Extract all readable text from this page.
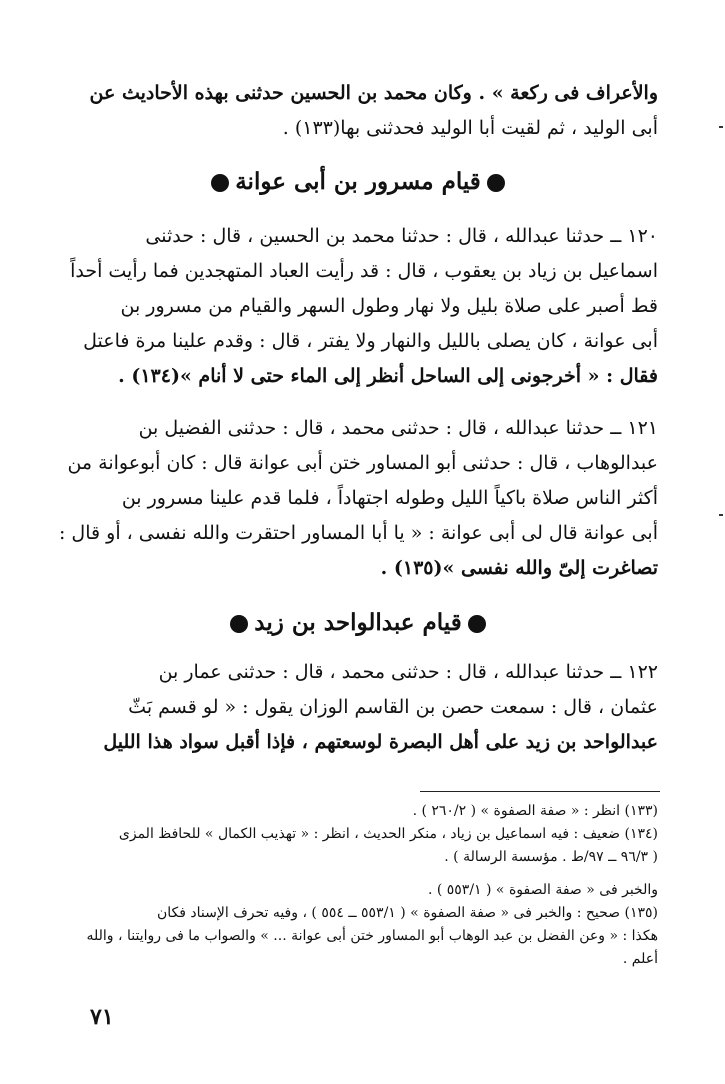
والأعراف فى ركعة » . وكان محمد بن الحسين حدثنى بهذه الأحاديث عن
أبى الوليد ، ثم لقيت أبا الوليد فحدثنى بها(١٣٣) .
قيام مسرور بن أبى عوانة
١٢٠ ــ حدثنا عبدالله ، قال : حدثنا محمد بن الحسين ، قال : حدثنى
اسماعيل بن زياد بن يعقوب ، قال : قد رأيت العباد المتهجدين فما رأيت أحداً
قط أصبر على صلاة بليل ولا نهار وطول السهر والقيام من مسرور بن
أبى عوانة ، كان يصلى بالليل والنهار ولا يفتر ، قال : وقدم علينا مرة فاعتل
فقال : « أخرجونى إلى الساحل أنظر إلى الماء حتى لا أنام »(١٣٤) .
١٢١ ــ حدثنا عبدالله ، قال : حدثنى محمد ، قال : حدثنى الفضيل بن
عبدالوهاب ، قال : حدثنى أبو المساور ختن أبى عوانة قال : كان أبوعوانة من
أكثر الناس صلاة باكياً الليل وطوله اجتهاداً ، فلما قدم علينا مسرور بن
أبى عوانة قال لى أبى عوانة : « يا أبا المساور احتقرت والله نفسى ، أو قال :
تصاغرت إلىّ والله نفسى »(١٣٥) .
قيام عبدالواحد بن زيد
١٢٢ ــ حدثنا عبدالله ، قال : حدثنى محمد ، قال : حدثنى عمار بن
عثمان ، قال : سمعت حصن بن القاسم الوزان يقول : « لو قسم بَثّ
عبدالواحد بن زيد على أهل البصرة لوسعتهم ، فإذا أقبل سواد هذا الليل
(١٣٣) انظر : « صفة الصفوة » ( ٢٦٠/٢ ) .
(١٣٤) ضعيف : فيه اسماعيل بن زياد ، منكر الحديث ، انظر : « تهذيب الكمال » للحافظ المزى
( ٩٦/٣ ــ ٩٧/ط . مؤسسة الرسالة ) .
والخبر فى « صفة الصفوة » ( ٥٥٣/١ ) .
(١٣٥) صحيح : والخبر فى « صفة الصفوة » ( ٥٥٣/١ ــ ٥٥٤ ) ، وفيه تحرف الإسناد فكان
هكذا : « وعن الفضل بن عبد الوهاب أبو المساور ختن أبى عوانة ... » والصواب ما فى روايتنا ، والله
أعلم .
٧١
